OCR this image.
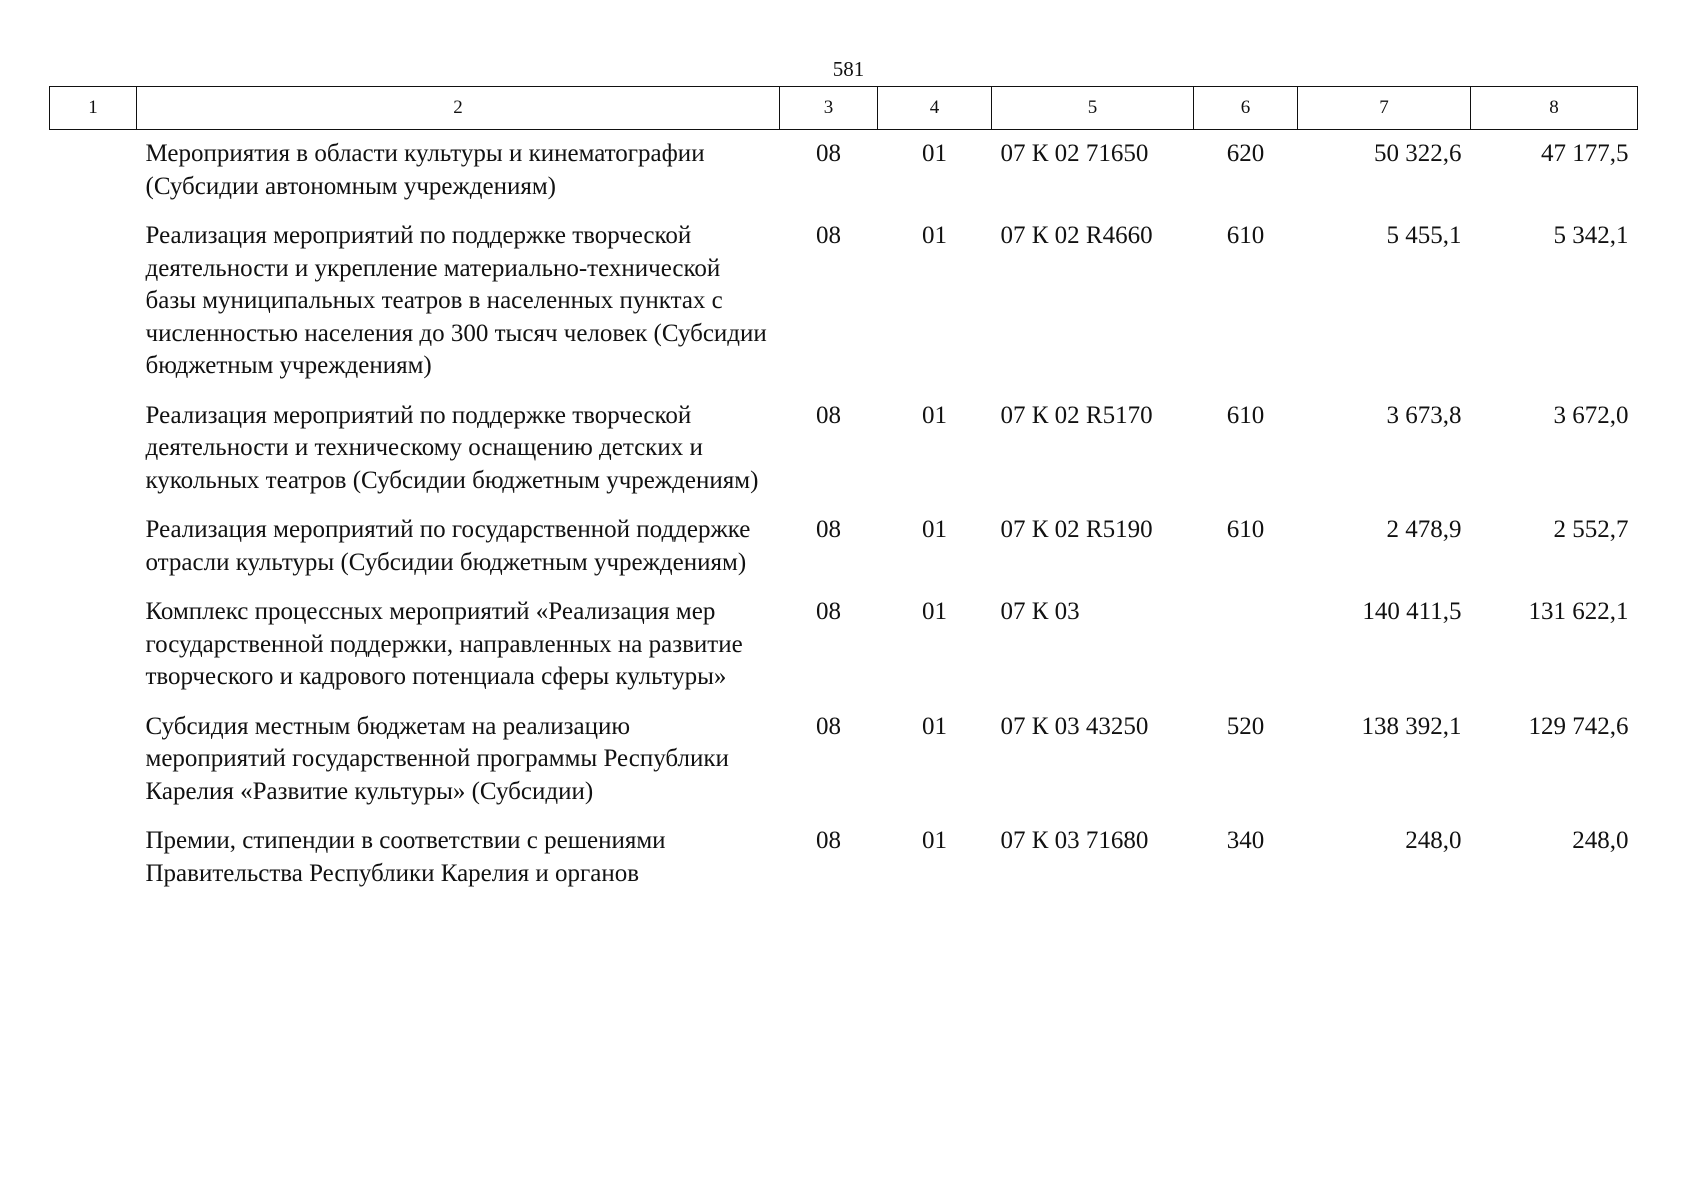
581
1	2	3	4	5	6	7	8
	Мероприятия в области культуры и кинематографии (Субсидии автономным учреждениям)	08	01	07 К 02 71650	620	50 322,6	47 177,5
	Реализация мероприятий по поддержке творческой деятельности и укрепление материально-технической базы муниципальных театров в населенных пунктах с численностью населения до 300 тысяч человек (Субсидии бюджетным учреждениям)	08	01	07 К 02 R4660	610	5 455,1	5 342,1
	Реализация мероприятий по поддержке творческой деятельности и техническому оснащению детских и кукольных театров (Субсидии бюджетным учреждениям)	08	01	07 К 02 R5170	610	3 673,8	3 672,0
	Реализация мероприятий по государственной поддержке отрасли культуры (Субсидии бюджетным учреждениям)	08	01	07 К 02 R5190	610	2 478,9	2 552,7
	Комплекс процессных мероприятий «Реализация мер государственной поддержки, направленных на развитие творческого и кадрового потенциала сферы культуры»	08	01	07 К 03		140 411,5	131 622,1
	Субсидия местным бюджетам на реализацию мероприятий государственной программы Республики Карелия «Развитие культуры» (Субсидии)	08	01	07 К 03 43250	520	138 392,1	129 742,6
	Премии, стипендии в соответствии с решениями Правительства Республики Карелия и органов	08	01	07 К 03 71680	340	248,0	248,0
